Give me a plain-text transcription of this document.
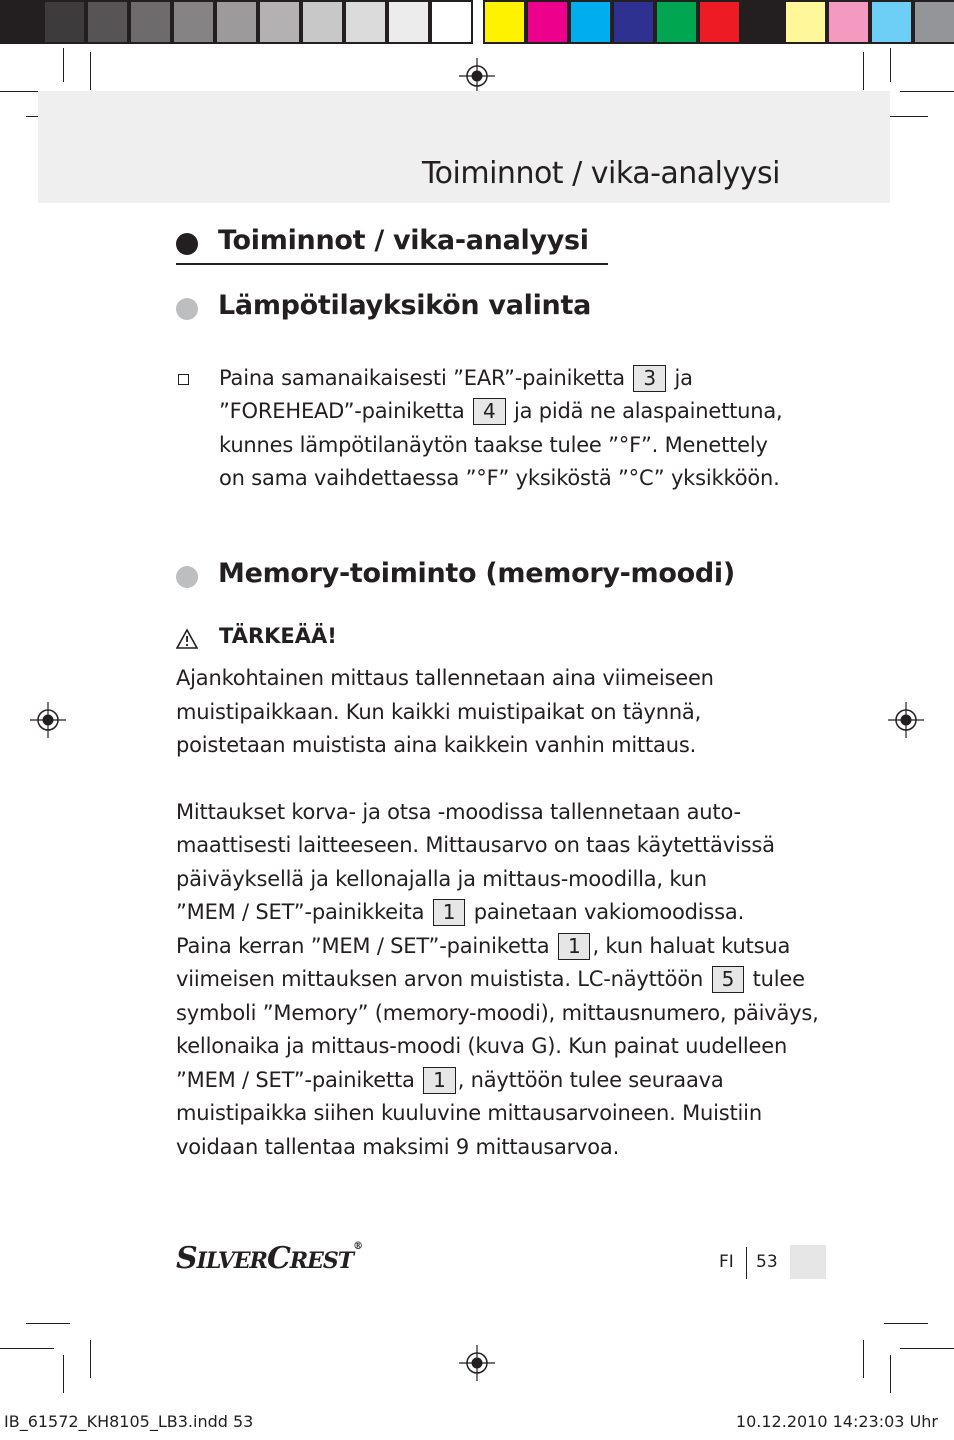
Toiminnot / vika-analyysi
Toiminnot / vika-analyysi
Lämpötilayksikön valinta
Paina samanaikaisesti ”EAR”-painiketta 3 ja
”FOREHEAD”-painiketta 4 ja pidä ne alaspainettuna,
kunnes lämpötilanäytön taakse tulee ”°F”. Menettely
on sama vaihdettaessa ”°F” yksiköstä ”°C” yksikköön.
Memory-toiminto (memory-moodi)
TÄRKEÄÄ!
Ajankohtainen mittaus tallennetaan aina viimeiseen
muistipaikkaan. Kun kaikki muistipaikat on täynnä,
poistetaan muistista aina kaikkein vanhin mittaus.
Mittaukset korva- ja otsa -moodissa tallennetaan auto-
maattisesti laitteeseen. Mittausarvo on taas käytettävissä
päiväyksellä ja kellonajalla ja mittaus-moodilla, kun
”MEM / SET”-painikkeita 1 painetaan vakiomoodissa.
Paina kerran ”MEM / SET”-painiketta 1 , kun haluat kutsua
viimeisen mittauksen arvon muistista. LC-näyttöön 5 tulee
symboli ”Memory” (memory-moodi), mittausnumero, päiväys,
kellonaika ja mittaus-moodi (kuva G). Kun painat uudelleen
”MEM / SET”-painiketta 1 , näyttöön tulee seuraava
muistipaikka siihen kuuluvine mittausarvoineen. Muistiin
voidaan tallentaa maksimi 9 mittausarvoa.
SILVERCREST®
FI 53
IB_61572_KH8105_LB3.indd 53	10.12.2010 14:23:03 Uhr
